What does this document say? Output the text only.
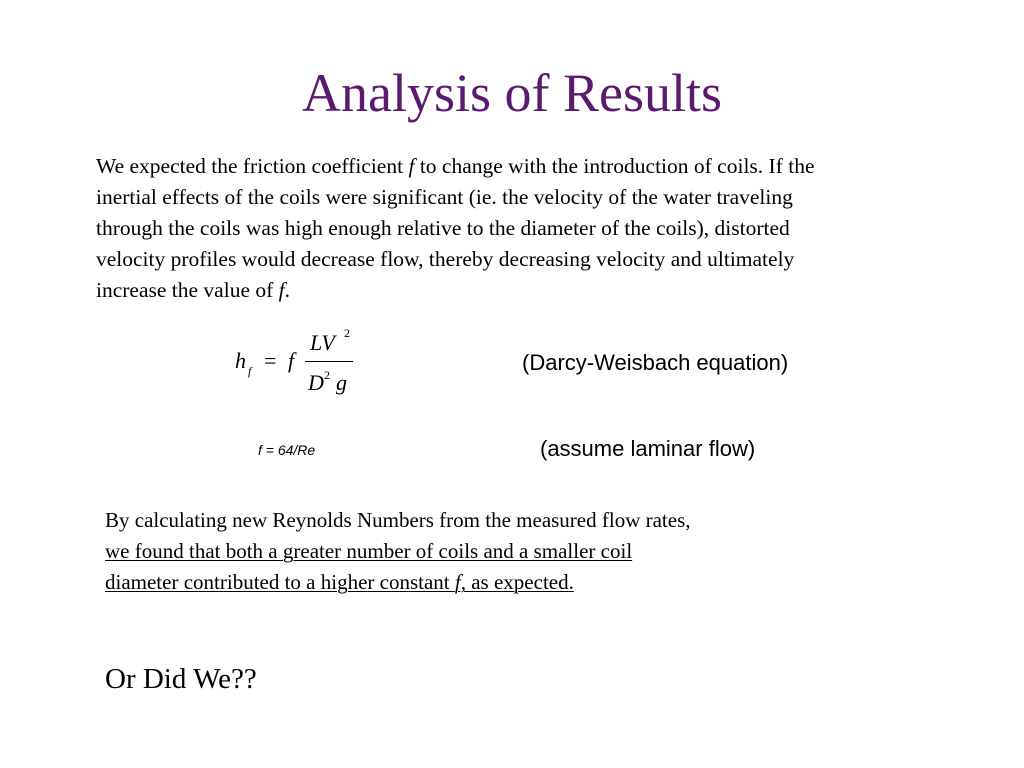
Analysis of Results

We expected the friction coefficient f to change with the introduction of coils. If the
inertial effects of the coils were significant (ie. the velocity of the water traveling
through the coils was high enough relative to the diameter of the coils), distorted
velocity profiles would decrease flow, thereby decreasing velocity and ultimately
increase the value of f.

h f = f
LV 2
D 2 g
(Darcy-Weisbach equation)
f = 64/Re	(assume laminar flow)

By calculating new Reynolds Numbers from the measured flow rates,
we found that both a greater number of coils and a smaller coil
diameter contributed to a higher constant f, as expected.

Or Did We??
